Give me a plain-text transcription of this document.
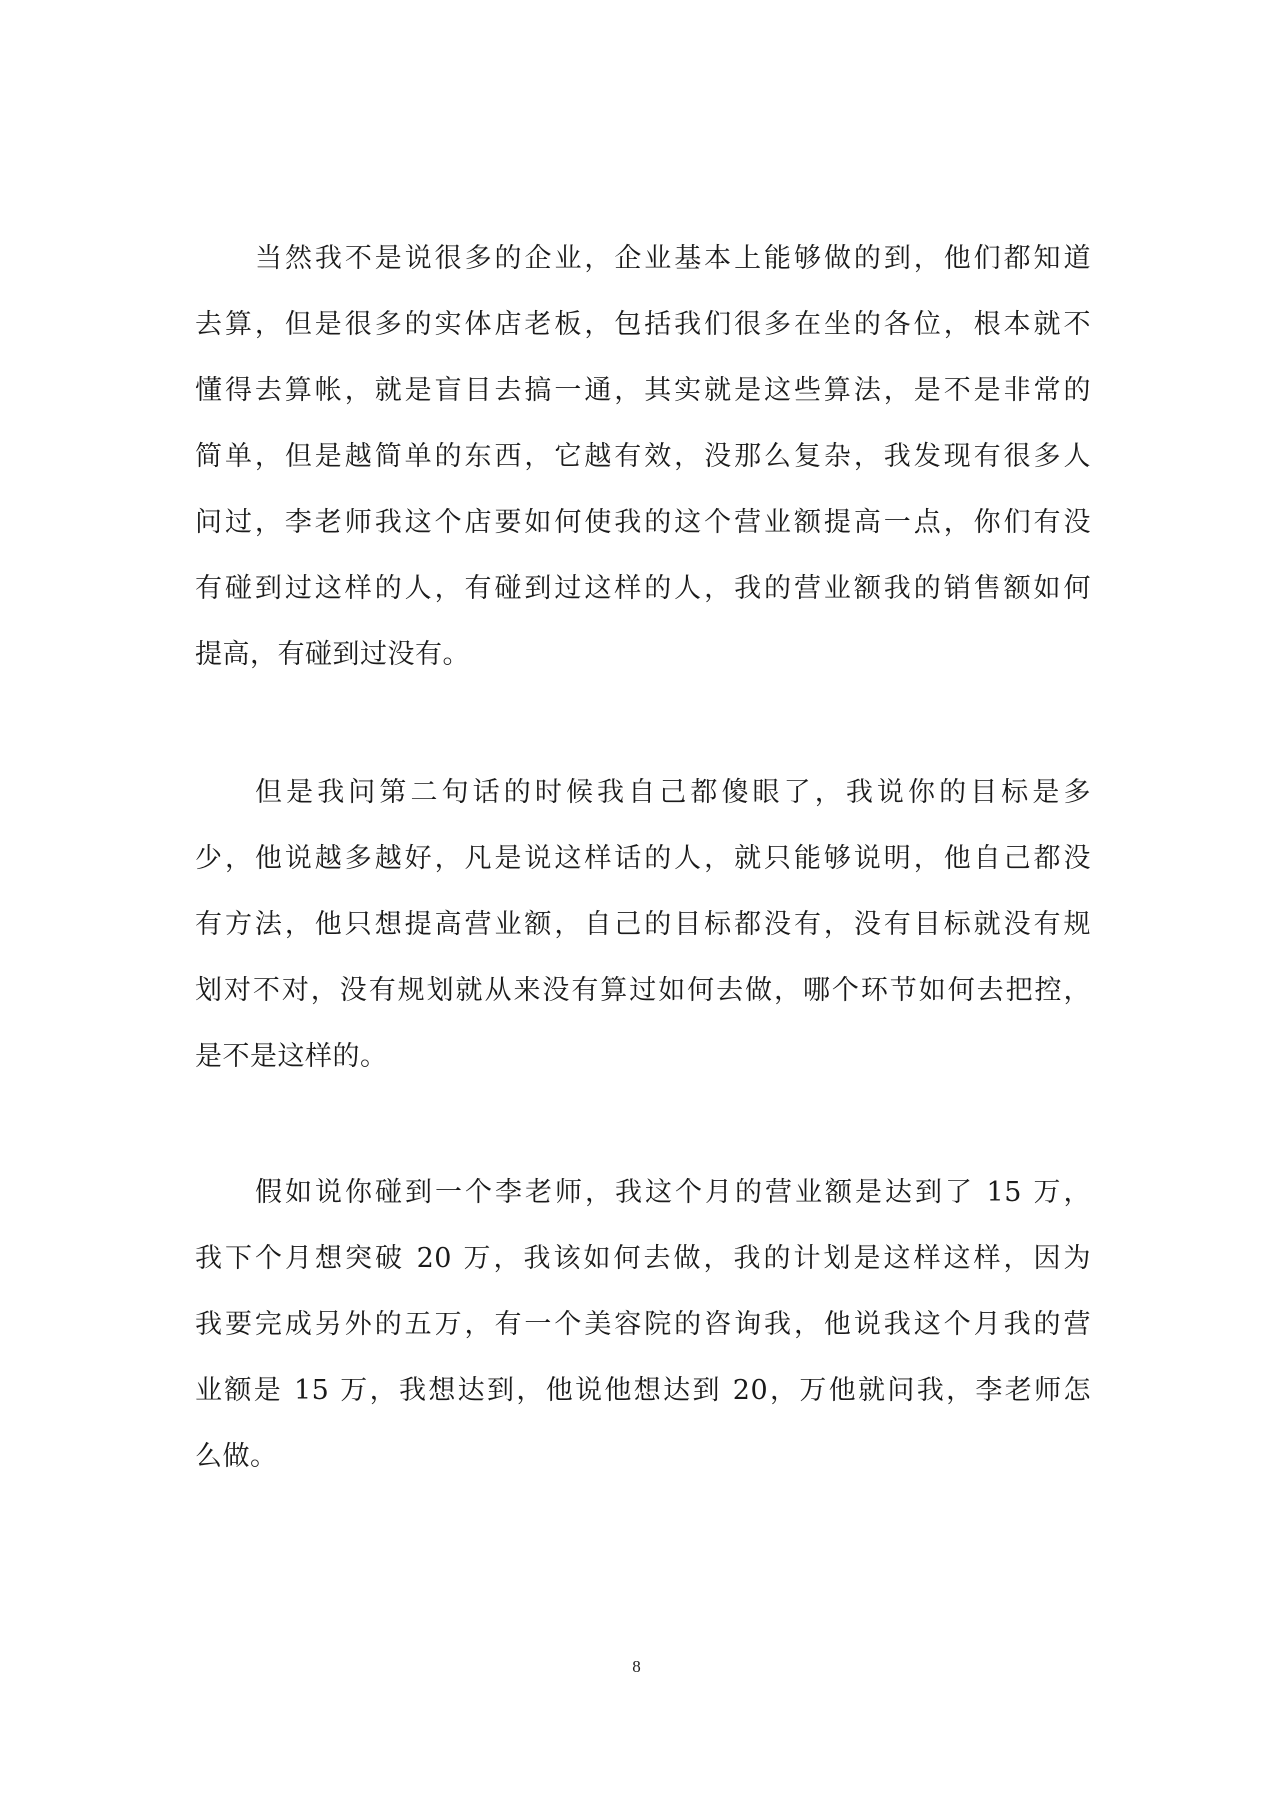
当然我不是说很多的企业，企业基本上能够做的到，他们都知道
去算，但是很多的实体店老板，包括我们很多在坐的各位，根本就不
懂得去算帐，就是盲目去搞一通，其实就是这些算法，是不是非常的
简单，但是越简单的东西，它越有效，没那么复杂，我发现有很多人
问过，李老师我这个店要如何使我的这个营业额提高一点，你们有没
有碰到过这样的人，有碰到过这样的人，我的营业额我的销售额如何
提高，有碰到过没有。
但是我问第二句话的时候我自己都傻眼了，我说你的目标是多
少，他说越多越好，凡是说这样话的人，就只能够说明，他自己都没
有方法，他只想提高营业额，自己的目标都没有，没有目标就没有规
划对不对，没有规划就从来没有算过如何去做，哪个环节如何去把控，
是不是这样的。
假如说你碰到一个李老师，我这个月的营业额是达到了 15 万，
我下个月想突破 20 万，我该如何去做，我的计划是这样这样，因为
我要完成另外的五万，有一个美容院的咨询我，他说我这个月我的营
业额是 15 万，我想达到，他说他想达到 20，万他就问我，李老师怎
么做。
8
